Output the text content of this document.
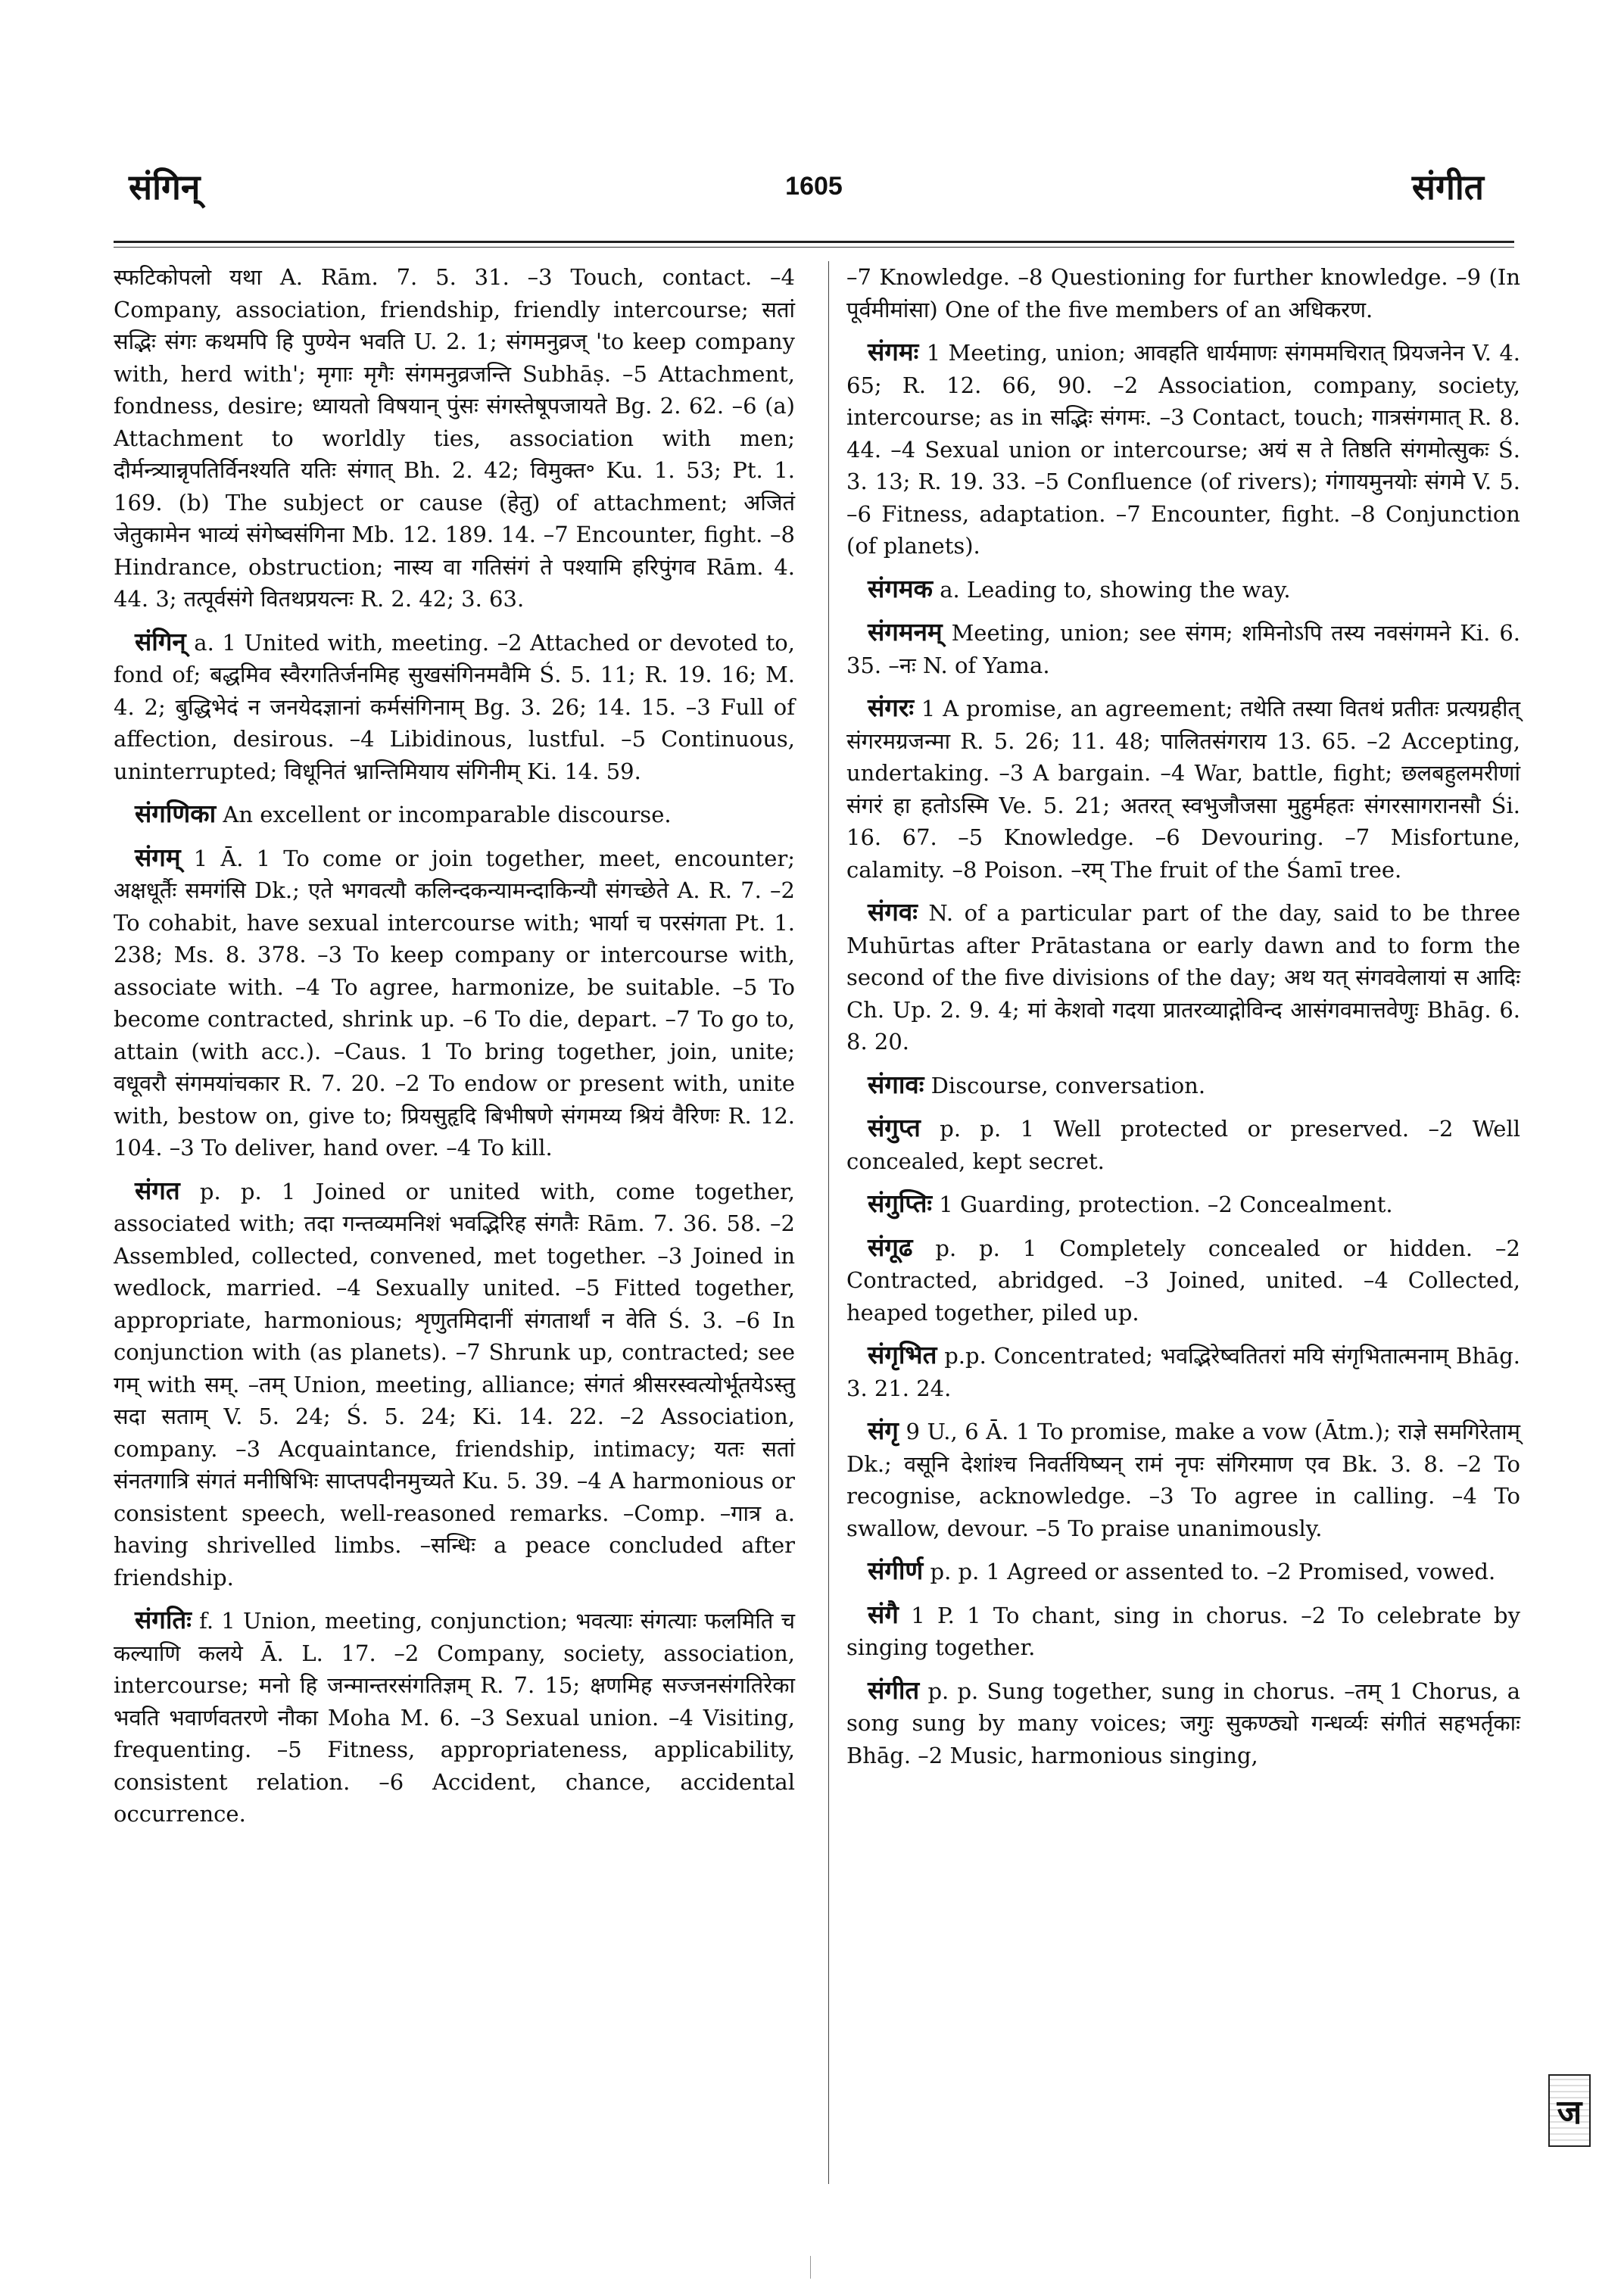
संगिन्	1605	संगीत

स्फटिकोपलो यथा A. Rām. 7. 5. 31. –3 Touch, contact. –4 Company, association, friendship, friendly intercourse; सतां सद्भिः संगः कथमपि हि पुण्येन भवति U. 2. 1; संगमनुव्रज् 'to keep company with, herd with'; मृगाः मृगैः संगमनुव्रजन्ति Subhāṣ. –5 Attachment, fondness, desire; ध्यायतो विषयान् पुंसः संगस्तेषूपजायते Bg. 2. 62. –6 (a) Attachment to worldly ties, association with men; दौर्मन्त्र्यान्नृपतिर्विनश्यति यतिः संगात् Bh. 2. 42; विमुक्त॰ Ku. 1. 53; Pt. 1. 169. (b) The subject or cause (हेतु) of attachment; अजितं जेतुकामेन भाव्यं संगेष्वसंगिना Mb. 12. 189. 14. –7 Encounter, fight. –8 Hindrance, obstruction; नास्य वा गतिसंगं ते पश्यामि हरिपुंगव Rām. 4. 44. 3; तत्पूर्वसंगे वितथप्रयत्नः R. 2. 42; 3. 63.

संगिन् a. 1 United with, meeting. –2 Attached or devoted to, fond of; बद्धमिव स्वैरगतिर्जनमिह सुखसंगिनमवैमि Ś. 5. 11; R. 19. 16; M. 4. 2; बुद्धिभेदं न जनयेदज्ञानां कर्मसंगिनाम् Bg. 3. 26; 14. 15. –3 Full of affection, desirous. –4 Libidinous, lustful. –5 Continuous, uninterrupted; विधूनितं भ्रान्तिमियाय संगिनीम् Ki. 14. 59.

संगणिका An excellent or incomparable discourse.

संगम् 1 Ā. 1 To come or join together, meet, encounter; अक्षधूर्तैः समगंसि Dk.; एते भगवत्यौ कलिन्दकन्यामन्दाकिन्यौ संगच्छेते A. R. 7. –2 To cohabit, have sexual intercourse with; भार्या च परसंगता Pt. 1. 238; Ms. 8. 378. –3 To keep company or intercourse with, associate with. –4 To agree, harmonize, be suitable. –5 To become contracted, shrink up. –6 To die, depart. –7 To go to, attain (with acc.). –Caus. 1 To bring together, join, unite; वधूवरौ संगमयांचकार R. 7. 20. –2 To endow or present with, unite with, bestow on, give to; प्रियसुहृदि बिभीषणे संगमय्य श्रियं वैरिणः R. 12. 104. –3 To deliver, hand over. –4 To kill.

संगत p. p. 1 Joined or united with, come together, associated with; तदा गन्तव्यमनिशं भवद्भिरिह संगतैः Rām. 7. 36. 58. –2 Assembled, collected, convened, met together. –3 Joined in wedlock, married. –4 Sexually united. –5 Fitted together, appropriate, harmonious; शृणुतमिदानीं संगतार्थां न वेति Ś. 3. –6 In conjunction with (as planets). –7 Shrunk up, contracted; see गम् with सम्. –तम् Union, meeting, alliance; संगतं श्रीसरस्वत्योर्भूतयेऽस्तु सदा सताम् V. 5. 24; Ś. 5. 24; Ki. 14. 22. –2 Association, company. –3 Acquaintance, friendship, intimacy; यतः सतां संनतगात्रि संगतं मनीषिभिः साप्तपदीनमुच्यते Ku. 5. 39. –4 A harmonious or consistent speech, well-reasoned remarks. –Comp. –गात्र a. having shrivelled limbs. –सन्धिः a peace concluded after friendship.

संगतिः f. 1 Union, meeting, conjunction; भवत्याः संगत्याः फलमिति च कल्याणि कलये Ā. L. 17. –2 Company, society, association, intercourse; मनो हि जन्मान्तरसंगतिज्ञम् R. 7. 15; क्षणमिह सज्जनसंगतिरेका भवति भवार्णवतरणे नौका Moha M. 6. –3 Sexual union. –4 Visiting, frequenting. –5 Fitness, appropriateness, applicability, consistent relation. –6 Accident, chance, accidental occurrence.

–7 Knowledge. –8 Questioning for further knowledge. –9 (In पूर्वमीमांसा) One of the five members of an अधिकरण.

संगमः 1 Meeting, union; आवहति धार्यमाणः संगममचिरात् प्रियजनेन V. 4. 65; R. 12. 66, 90. –2 Association, company, society, intercourse; as in सद्भिः संगमः. –3 Contact, touch; गात्रसंगमात् R. 8. 44. –4 Sexual union or intercourse; अयं स ते तिष्ठति संगमोत्सुकः Ś. 3. 13; R. 19. 33. –5 Confluence (of rivers); गंगायमुनयोः संगमे V. 5. –6 Fitness, adaptation. –7 Encounter, fight. –8 Conjunction (of planets).

संगमक a. Leading to, showing the way.

संगमनम् Meeting, union; see संगम; शमिनोऽपि तस्य नवसंगमने Ki. 6. 35. –नः N. of Yama.

संगरः 1 A promise, an agreement; तथेति तस्या वितथं प्रतीतः प्रत्यग्रहीत् संगरमग्रजन्मा R. 5. 26; 11. 48; पालितसंगराय 13. 65. –2 Accepting, undertaking. –3 A bargain. –4 War, battle, fight; छलबहुलमरीणां संगरं हा हतोऽस्मि Ve. 5. 21; अतरत् स्वभुजौजसा मुहुर्महतः संगरसागरानसौ Śi. 16. 67. –5 Knowledge. –6 Devouring. –7 Misfortune, calamity. –8 Poison. –रम् The fruit of the Śamī tree.

संगवः N. of a particular part of the day, said to be three Muhūrtas after Prātastana or early dawn and to form the second of the five divisions of the day; अथ यत् संगववेलायां स आदिः Ch. Up. 2. 9. 4; मां केशवो गदया प्रातरव्याद्गोविन्द आसंगवमात्तवेणुः Bhāg. 6. 8. 20.

संगावः Discourse, conversation.

संगुप्त p. p. 1 Well protected or preserved. –2 Well concealed, kept secret.

संगुप्तिः 1 Guarding, protection. –2 Concealment.

संगूढ p. p. 1 Completely concealed or hidden. –2 Contracted, abridged. –3 Joined, united. –4 Collected, heaped together, piled up.

संगृभित p.p. Concentrated; भवद्भिरेष्वतितरां मयि संगृभितात्मनाम् Bhāg. 3. 21. 24.

संगृ 9 U., 6 Ā. 1 To promise, make a vow (Ātm.); राज्ञे समगिरेताम् Dk.; वसूनि देशांश्च निवर्तयिष्यन् रामं नृपः संगिरमाण एव Bk. 3. 8. –2 To recognise, acknowledge. –3 To agree in calling. –4 To swallow, devour. –5 To praise unanimously.

संगीर्ण p. p. 1 Agreed or assented to. –2 Promised, vowed.

संगै 1 P. 1 To chant, sing in chorus. –2 To celebrate by singing together.

संगीत p. p. Sung together, sung in chorus. –तम् 1 Chorus, a song sung by many voices; जगुः सुकण्ठ्यो गन्धर्व्यः संगीतं सहभर्तृकाः Bhāg. –2 Music, harmonious singing,

ज
